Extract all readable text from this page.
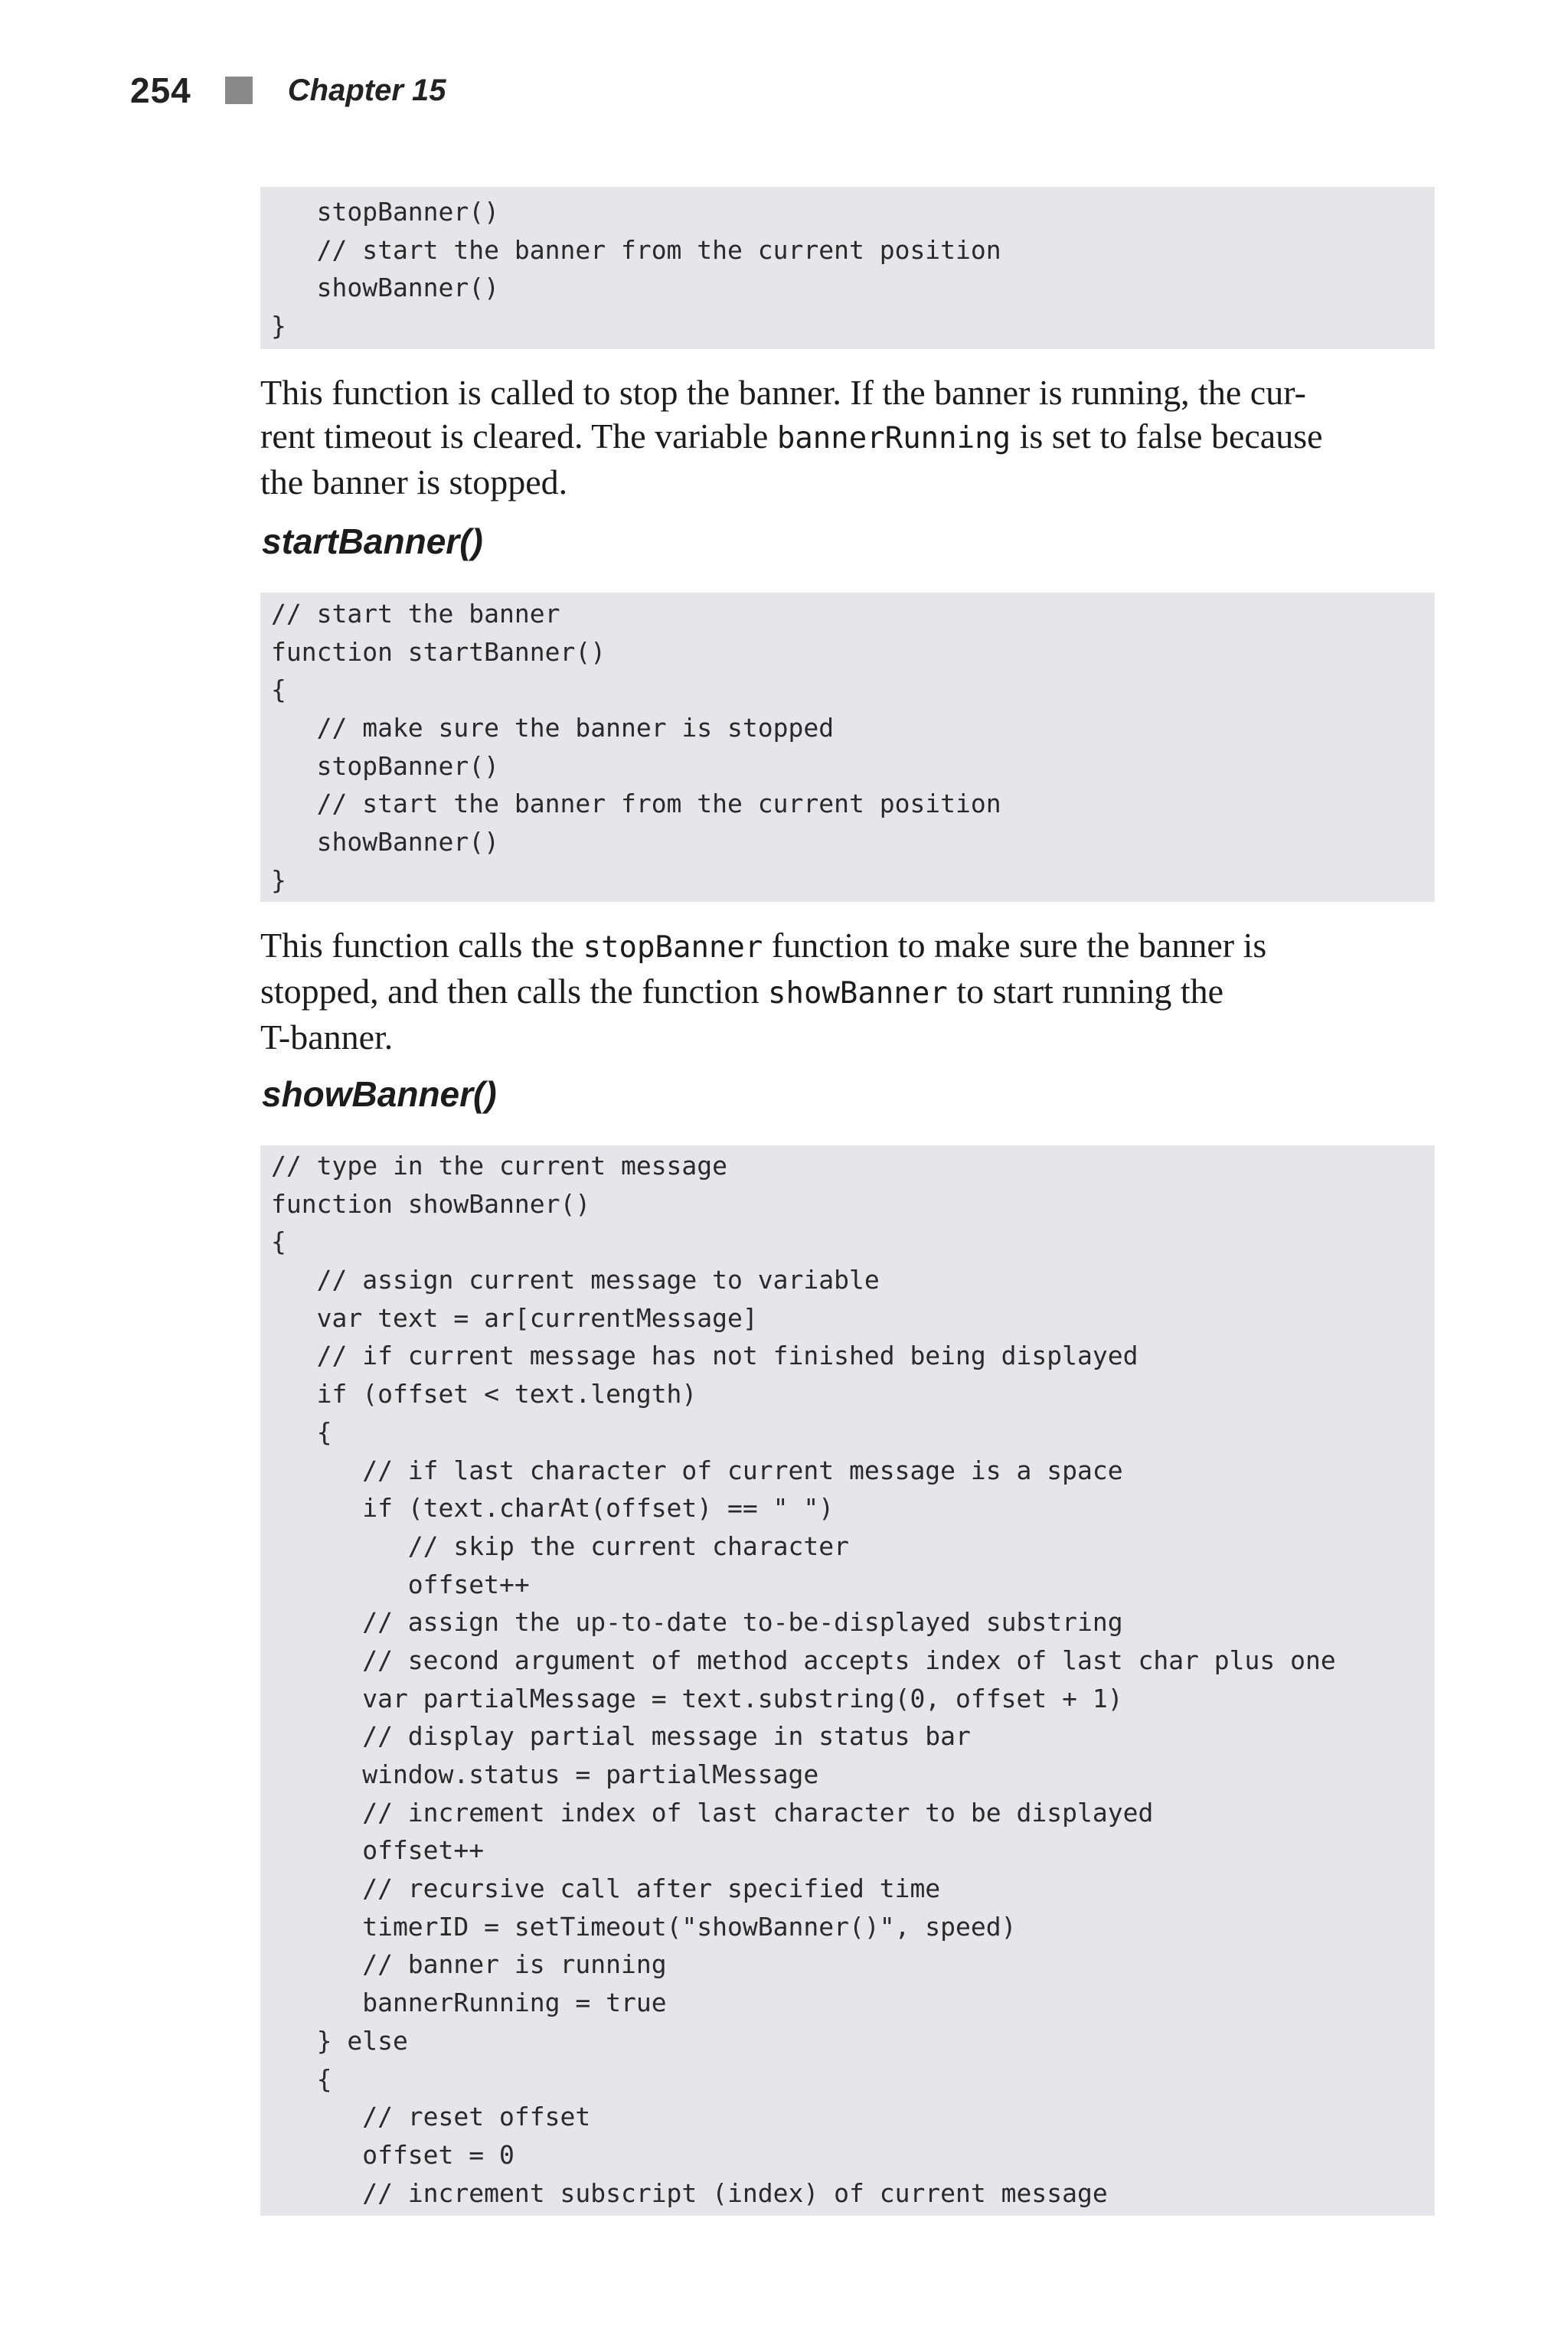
254	Chapter 15
stopBanner()
// start the banner from the current position
showBanner()
}

This function is called to stop the banner. If the banner is running, the cur-
rent timeout is cleared. The variable bannerRunning is set to false because
the banner is stopped.

startBanner()
// start the banner
function startBanner()
{
// make sure the banner is stopped
stopBanner()
// start the banner from the current position
showBanner()
}

This function calls the stopBanner function to make sure the banner is
stopped, and then calls the function showBanner to start running the
T-banner.

showBanner()
// type in the current message
function showBanner()
{
// assign current message to variable
var text = ar[currentMessage]
// if current message has not finished being displayed
if (offset < text.length)
{
// if last character of current message is a space
if (text.charAt(offset) == " ")
// skip the current character
offset++
// assign the up-to-date to-be-displayed substring
// second argument of method accepts index of last char plus one
var partialMessage = text.substring(0, offset + 1)
// display partial message in status bar
window.status = partialMessage
// increment index of last character to be displayed
offset++
// recursive call after specified time
timerID = setTimeout("showBanner()", speed)
// banner is running
bannerRunning = true
} else
{
// reset offset
offset = 0
// increment subscript (index) of current message
